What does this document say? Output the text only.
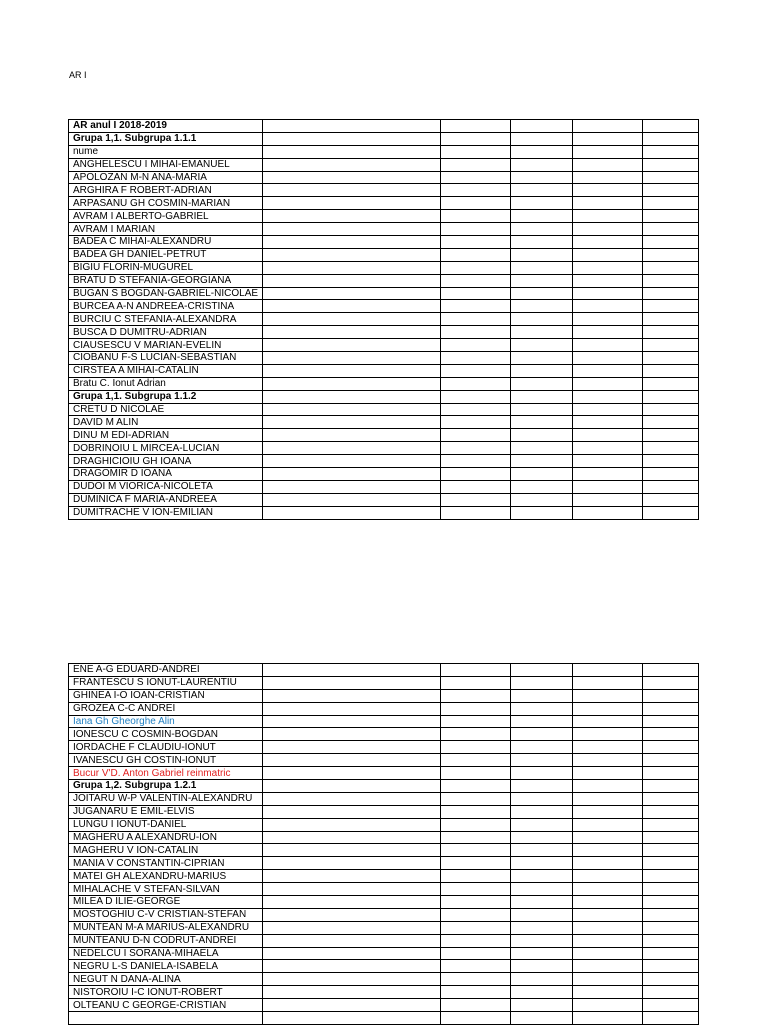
AR I
AR anul I 2018-2019					
Grupa 1,1. Subgrupa 1.1.1					
nume					
ANGHELESCU I MIHAI-EMANUEL					
APOLOZAN M-N ANA-MARIA					
ARGHIRA F ROBERT-ADRIAN					
ARPASANU GH COSMIN-MARIAN					
AVRAM I ALBERTO-GABRIEL					
AVRAM I MARIAN					
BADEA C MIHAI-ALEXANDRU					
BADEA GH DANIEL-PETRUT					
BIGIU FLORIN-MUGUREL					
BRATU D STEFANIA-GEORGIANA					
BUGAN S BOGDAN-GABRIEL-NICOLAE					
BURCEA A-N ANDREEA-CRISTINA					
BURCIU C STEFANIA-ALEXANDRA					
BUSCA D DUMITRU-ADRIAN					
CIAUSESCU V MARIAN-EVELIN					
CIOBANU F-S LUCIAN-SEBASTIAN					
CIRSTEA A MIHAI-CATALIN					
Bratu C. Ionut Adrian					
Grupa 1,1. Subgrupa 1.1.2					
CRETU D NICOLAE					
DAVID M ALIN					
DINU M EDI-ADRIAN					
DOBRINOIU L MIRCEA-LUCIAN					
DRAGHICIOIU GH IOANA					
DRAGOMIR D IOANA					
DUDOI M VIORICA-NICOLETA					
DUMINICA F MARIA-ANDREEA					
DUMITRACHE V ION-EMILIAN					
ENE A-G EDUARD-ANDREI					
FRANTESCU S IONUT-LAURENTIU					
GHINEA I-O IOAN-CRISTIAN					
GROZEA C-C ANDREI					
Iana Gh Gheorghe Alin					
IONESCU C COSMIN-BOGDAN					
IORDACHE F CLAUDIU-IONUT					
IVANESCU GH COSTIN-IONUT					
Bucur V'D. Anton Gabriel reinmatric					
Grupa 1,2. Subgrupa 1.2.1					
JOITARU W-P VALENTIN-ALEXANDRU					
JUGANARU E EMIL-ELVIS					
LUNGU I IONUT-DANIEL					
MAGHERU A ALEXANDRU-ION					
MAGHERU V ION-CATALIN					
MANIA V CONSTANTIN-CIPRIAN					
MATEI GH ALEXANDRU-MARIUS					
MIHALACHE V STEFAN-SILVAN					
MILEA D ILIE-GEORGE					
MOSTOGHIU C-V CRISTIAN-STEFAN					
MUNTEAN M-A MARIUS-ALEXANDRU					
MUNTEANU D-N CODRUT-ANDREI					
NEDELCU I SORANA-MIHAELA					
NEGRU L-S DANIELA-ISABELA					
NEGUT N DANA-ALINA					
NISTOROIU I-C IONUT-ROBERT					
OLTEANU C GEORGE-CRISTIAN					
